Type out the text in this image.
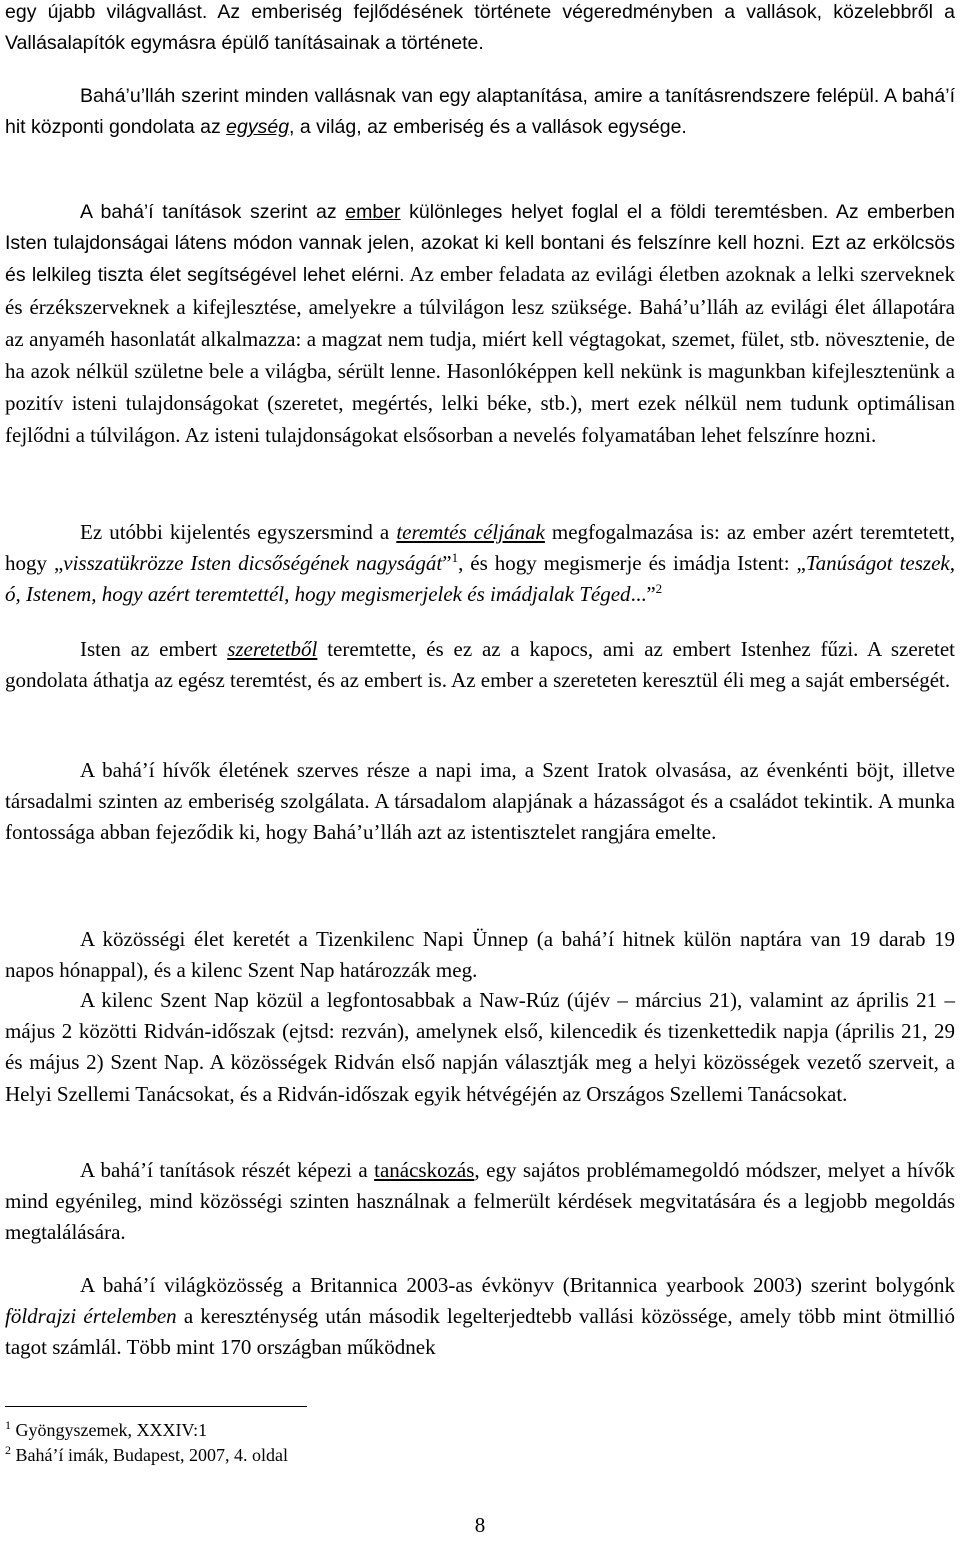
egy újabb világvallást. Az emberiség fejlődésének története végeredményben a vallások, közelebbről a Vallásalapítók egymásra épülő tanításainak a története.

Bahá’u’lláh szerint minden vallásnak van egy alaptanítása, amire a tanításrendszere felépül. A bahá’í hit központi gondolata az egység, a világ, az emberiség és a vallások egysége.

A bahá’í tanítások szerint az ember különleges helyet foglal el a földi teremtésben. Az emberben Isten tulajdonságai látens módon vannak jelen, azokat ki kell bontani és felszínre kell hozni. Ezt az erkölcsös és lelkileg tiszta élet segítségével lehet elérni. Az ember feladata az evilági életben azoknak a lelki szerveknek és érzékszerveknek a kifejlesztése, amelyekre a túlvilágon lesz szüksége. Bahá’u’lláh az evilági élet állapotára az anyaméh hasonlatát alkalmazza: a magzat nem tudja, miért kell végtagokat, szemet, fület, stb. növesztenie, de ha azok nélkül születne bele a világba, sérült lenne. Hasonlóképpen kell nekünk is magunkban kifejlesztenünk a pozitív isteni tulajdonságokat (szeretet, megértés, lelki béke, stb.), mert ezek nélkül nem tudunk optimálisan fejlődni a túlvilágon. Az isteni tulajdonságokat elsősorban a nevelés folyamatában lehet felszínre hozni.

Ez utóbbi kijelentés egyszersmind a teremtés céljának megfogalmazása is: az ember azért teremtetett, hogy „visszatükrözze Isten dicsőségének nagyságát”$^1$, és hogy megismerje és imádja Istent: „Tanúságot teszek, ó, Istenem, hogy azért teremtettél, hogy megismerjelek és imádjalak Téged...”$^2$

Isten az embert szeretetből teremtette, és ez az a kapocs, ami az embert Istenhez fűzi. A szeretet gondolata áthatja az egész teremtést, és az embert is. Az ember a szereteten keresztül éli meg a saját emberségét.

A bahá’í hívők életének szerves része a napi ima, a Szent Iratok olvasása, az évenkénti böjt, illetve társadalmi szinten az emberiség szolgálata. A társadalom alapjának a házasságot és a családot tekintik. A munka fontossága abban fejeződik ki, hogy Bahá’u’lláh azt az istentisztelet rangjára emelte.

A közösségi élet keretét a Tizenkilenc Napi Ünnep (a bahá’í hitnek külön naptára van 19 darab 19 napos hónappal), és a kilenc Szent Nap határozzák meg.

A kilenc Szent Nap közül a legfontosabbak a Naw-Rúz (újév – március 21), valamint az április 21 – május 2 közötti Ridván-időszak (ejtsd: rezván), amelynek első, kilencedik és tizenkettedik napja (április 21, 29 és május 2) Szent Nap. A közösségek Ridván első napján választják meg a helyi közösségek vezető szerveit, a Helyi Szellemi Tanácsokat, és a Ridván-időszak egyik hétvégéjén az Országos Szellemi Tanácsokat.

A bahá’í tanítások részét képezi a tanácskozás, egy sajátos problémamegoldó módszer, melyet a hívők mind egyénileg, mind közösségi szinten használnak a felmerült kérdések megvitatására és a legjobb megoldás megtalálására.

A bahá’í világközösség a Britannica 2003-as évkönyv (Britannica yearbook 2003) szerint bolygónk földrajzi értelemben a kereszténység után második legelterjedtebb vallási közössége, amely több mint ötmillió tagot számlál. Több mint 170 országban működnek

$^1$ Gyöngyszemek, XXXIV:1
$^2$ Bahá’í imák, Budapest, 2007, 4. oldal
8
